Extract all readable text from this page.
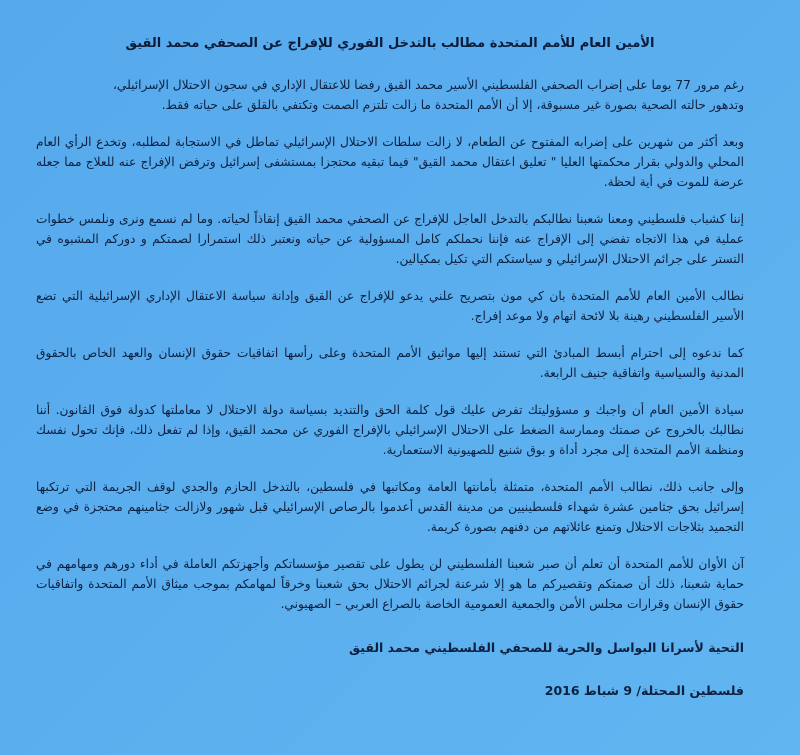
الأمين العام للأمم المتحدة مطالب بالتدخل الفوري للإفراج عن الصحفي محمد القيق
رغم مرور 77 يوما على إضراب الصحفي الفلسطيني الأسير محمد القيق رفضا للاعتقال الإداري في سجون الاحتلال الإسرائيلي،
وتدهور حالته الصحية بصورة غير مسبوقة، إلا أن الأمم المتحدة ما زالت تلتزم الصمت وتكتفي بالقلق على حياته فقط.
وبعد أكثر من شهرين على إضرابه المفتوح عن الطعام، لا زالت سلطات الاحتلال الإسرائيلي تماطل في الاستجابة لمطلبه، وتخدع الرأي العام المحلي والدولي بقرار محكمتها العليا " تعليق اعتقال محمد القيق" فيما تبقيه محتجزا بمستشفى إسرائيل وترفض الإفراج عنه للعلاج مما جعله عرضة للموت في أية لحظة.
إننا كشباب فلسطيني ومعنا شعبنا نطالبكم بالتدخل العاجل للإفراج عن الصحفي محمد القيق إنقاذاً لحياته. وما لم نسمع ونرى ونلمس خطوات عملية في هذا الاتجاه تفضي إلى الإفراج عنه فإننا نحملكم كامل المسؤولية عن حياته ونعتبر ذلك استمرارا لصمتكم و دوركم المشبوه في التستر على جرائم الاحتلال الإسرائيلي و سياستكم التي تكيل بمكيالين.
نطالب الأمين العام للأمم المتحدة بان كي مون بتصريح علني يدعو للإفراج عن القيق وإدانة سياسة الاعتقال الإداري الإسرائيلية التي تضع الأسير الفلسطيني رهينة بلا لائحة اتهام ولا موعد إفراج.
كما ندعوه إلى احترام أبسط المبادئ التي تستند إليها مواثيق الأمم المتحدة وعلى رأسها اتفاقيات حقوق الإنسان والعهد الخاص بالحقوق المدنية والسياسية واتفاقية جنيف الرابعة.
سيادة الأمين العام أن واجبك و مسؤوليتك تفرض عليك قول كلمة الحق والتنديد بسياسة دولة الاحتلال لا معاملتها كدولة فوق القانون. أننا نطالبك بالخروج عن صمتك وممارسة الضغط على الاحتلال الإسرائيلي بالإفراج الفوري عن محمد القيق، وإذا لم تفعل ذلك، فإنك تحول نفسك ومنظمة الأمم المتحدة إلى مجرد أداة و بوق شنيع للصهيونية الاستعمارية.
وإلى جانب ذلك، نطالب الأمم المتحدة، متمثلة بأمانتها العامة ومكاتبها في فلسطين، بالتدخل الحازم والجدي لوقف الجريمة التي ترتكبها إسرائيل بحق جثامين عشرة شهداء فلسطينيين من مدينة القدس أعدموا بالرصاص الإسرائيلي قبل شهور ولازالت جثامينهم محتجزة في وضع التجميد بثلاجات الاحتلال وتمنع عائلاتهم من دفنهم بصورة كريمة.
آن الأوان للأمم المتحدة أن تعلم أن صبر شعبنا الفلسطيني لن يطول على تقصير مؤسساتكم وأجهزتكم العاملة في أداء دورهم ومهامهم في حماية شعبنا، ذلك أن صمتكم وتقصيركم ما هو إلا شرعنة لجرائم الاحتلال بحق شعبنا وخرقاً لمهامكم بموجب ميثاق الأمم المتحدة واتفاقيات حقوق الإنسان وقرارات مجلس الأمن والجمعية العمومية الخاصة بالصراع العربي – الصهيوني.
التحية لأسرانا البواسل والحرية للصحفي الفلسطيني محمد القيق
فلسطين المحتلة/ 9 شباط 2016
